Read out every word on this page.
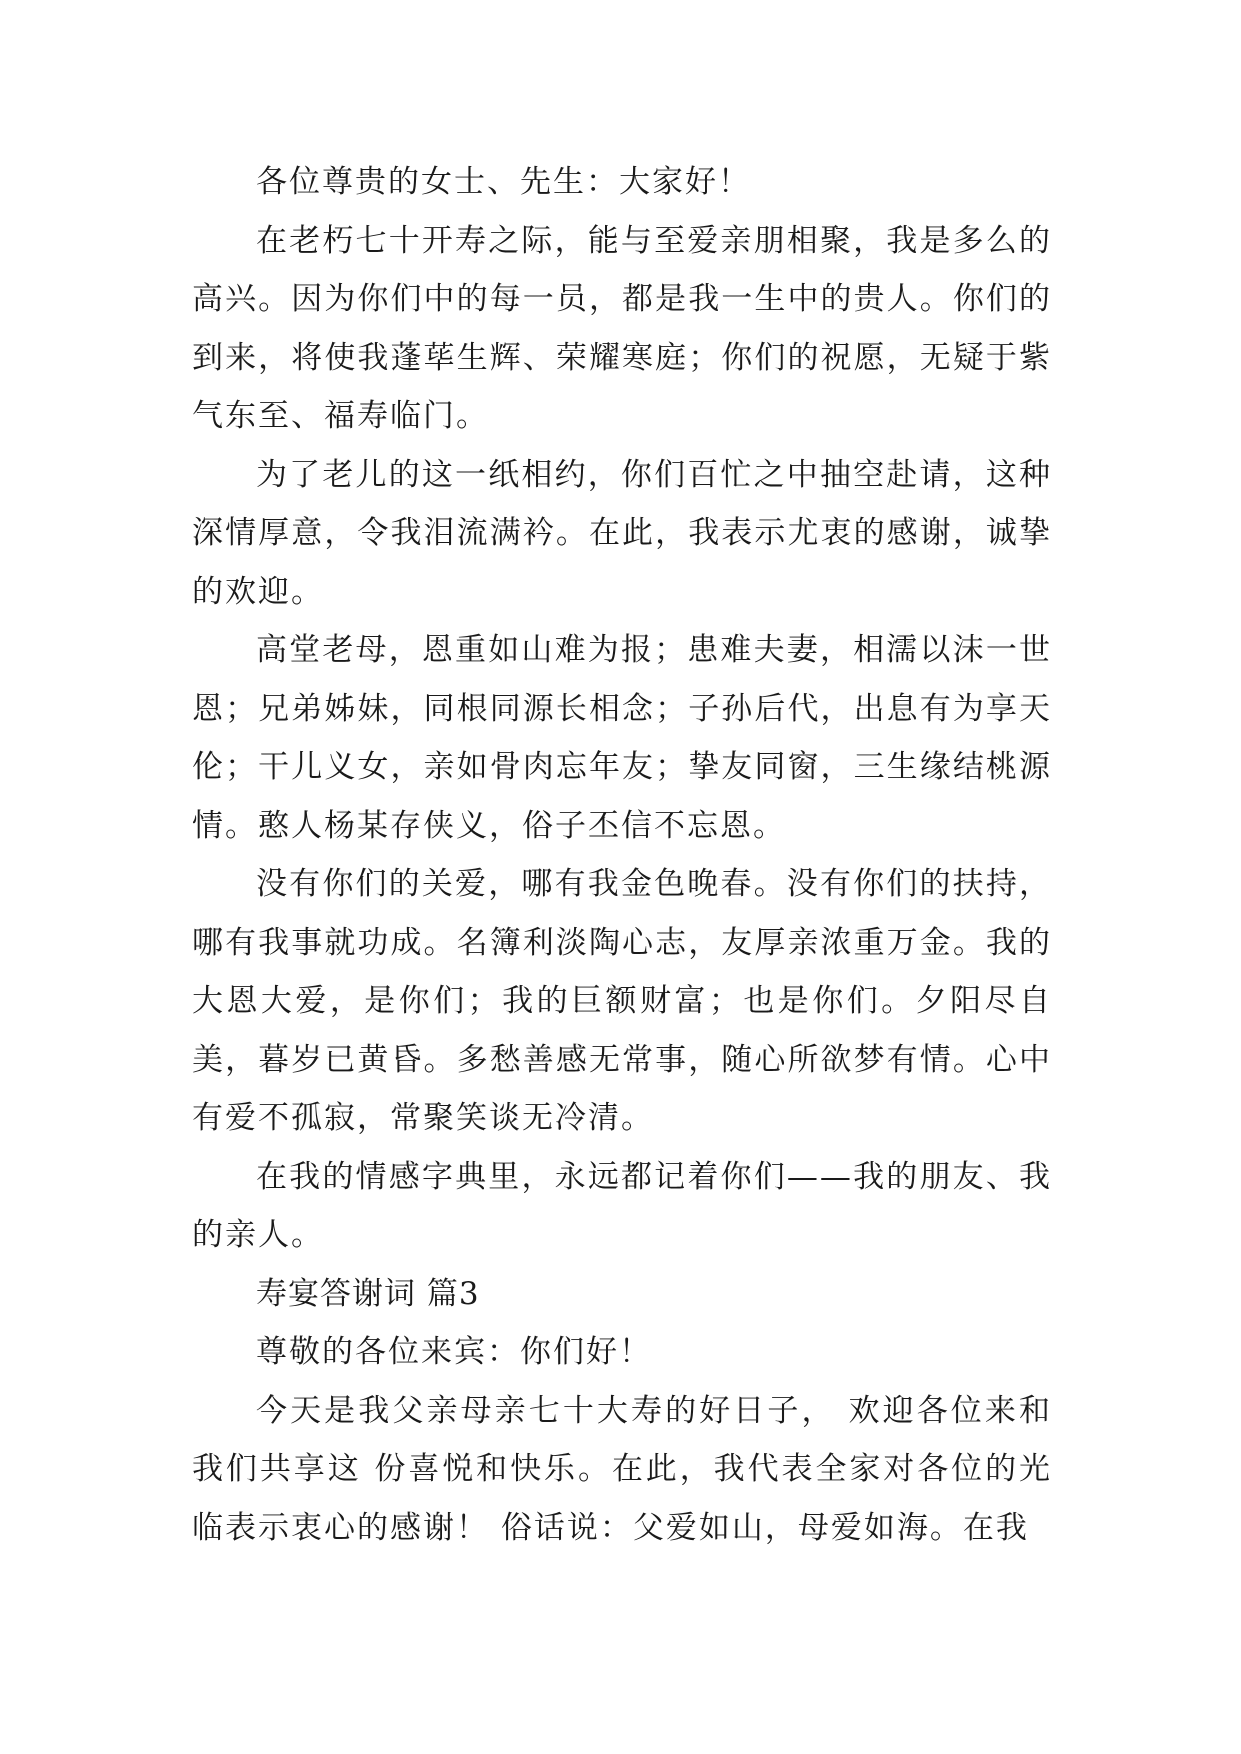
各位尊贵的女士、先生：大家好！

在老朽七十开寿之际，能与至爱亲朋相聚，我是多么的高兴。因为你们中的每一员，都是我一生中的贵人。你们的到来，将使我蓬荜生辉、荣耀寒庭；你们的祝愿，无疑于紫气东至、福寿临门。

为了老儿的这一纸相约，你们百忙之中抽空赴请，这种深情厚意，令我泪流满衿。在此，我表示尤衷的感谢，诚挚的欢迎。

高堂老母，恩重如山难为报；患难夫妻，相濡以沫一世恩；兄弟姊妹，同根同源长相念；子孙后代，出息有为享天伦；干儿义女，亲如骨肉忘年友；挚友同窗，三生缘结桃源情。憨人杨某存侠义，俗子丕信不忘恩。

没有你们的关爱，哪有我金色晚春。没有你们的扶持，哪有我事就功成。名簿利淡陶心志，友厚亲浓重万金。我的大恩大爱，是你们；我的巨额财富；也是你们。夕阳尽自美，暮岁已黄昏。多愁善感无常事，随心所欲梦有情。心中有爱不孤寂，常聚笑谈无冷清。

在我的情感字典里，永远都记着你们——我的朋友、我的亲人。

寿宴答谢词 篇3

尊敬的各位来宾：你们好！

今天是我父亲母亲七十大寿的好日子， 欢迎各位来和我们共享这 份喜悦和快乐。在此，我代表全家对各位的光临表示衷心的感谢！ 俗话说：父爱如山，母爱如海。在我
